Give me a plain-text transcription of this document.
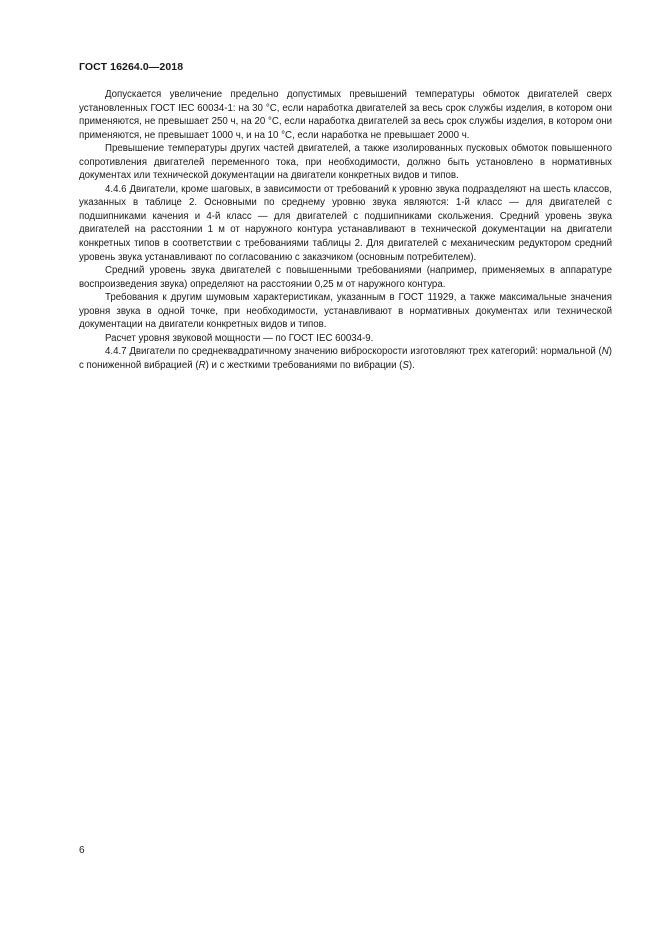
ГОСТ 16264.0—2018

Допускается увеличение предельно допустимых превышений температуры обмоток двигателей сверх установленных ГОСТ IEC 60034-1: на 30 °C, если наработка двигателей за весь срок службы изделия, в котором они применяются, не превышает 250 ч, на 20 °C, если наработка двигателей за весь срок службы изделия, в котором они применяются, не превышает 1000 ч, и на 10 °C, если наработка не превышает 2000 ч.

Превышение температуры других частей двигателей, а также изолированных пусковых обмоток повышенного сопротивления двигателей переменного тока, при необходимости, должно быть установлено в нормативных документах или технической документации на двигатели конкретных видов и типов.

4.4.6 Двигатели, кроме шаговых, в зависимости от требований к уровню звука подразделяют на шесть классов, указанных в таблице 2. Основными по среднему уровню звука являются: 1-й класс — для двигателей с подшипниками качения и 4-й класс — для двигателей с подшипниками скольжения. Средний уровень звука двигателей на расстоянии 1 м от наружного контура устанавливают в технической документации на двигатели конкретных типов в соответствии с требованиями таблицы 2. Для двигателей с механическим редуктором средний уровень звука устанавливают по согласованию с заказчиком (основным потребителем).

Средний уровень звука двигателей с повышенными требованиями (например, применяемых в аппаратуре воспроизведения звука) определяют на расстоянии 0,25 м от наружного контура.

Требования к другим шумовым характеристикам, указанным в ГОСТ 11929, а также максимальные значения уровня звука в одной точке, при необходимости, устанавливают в нормативных документах или технической документации на двигатели конкретных видов и типов.

Расчет уровня звуковой мощности — по ГОСТ IEC 60034-9.

4.4.7 Двигатели по среднеквадратичному значению виброскорости изготовляют трех категорий: нормальной (N) с пониженной вибрацией (R) и с жесткими требованиями по вибрации (S).

6
